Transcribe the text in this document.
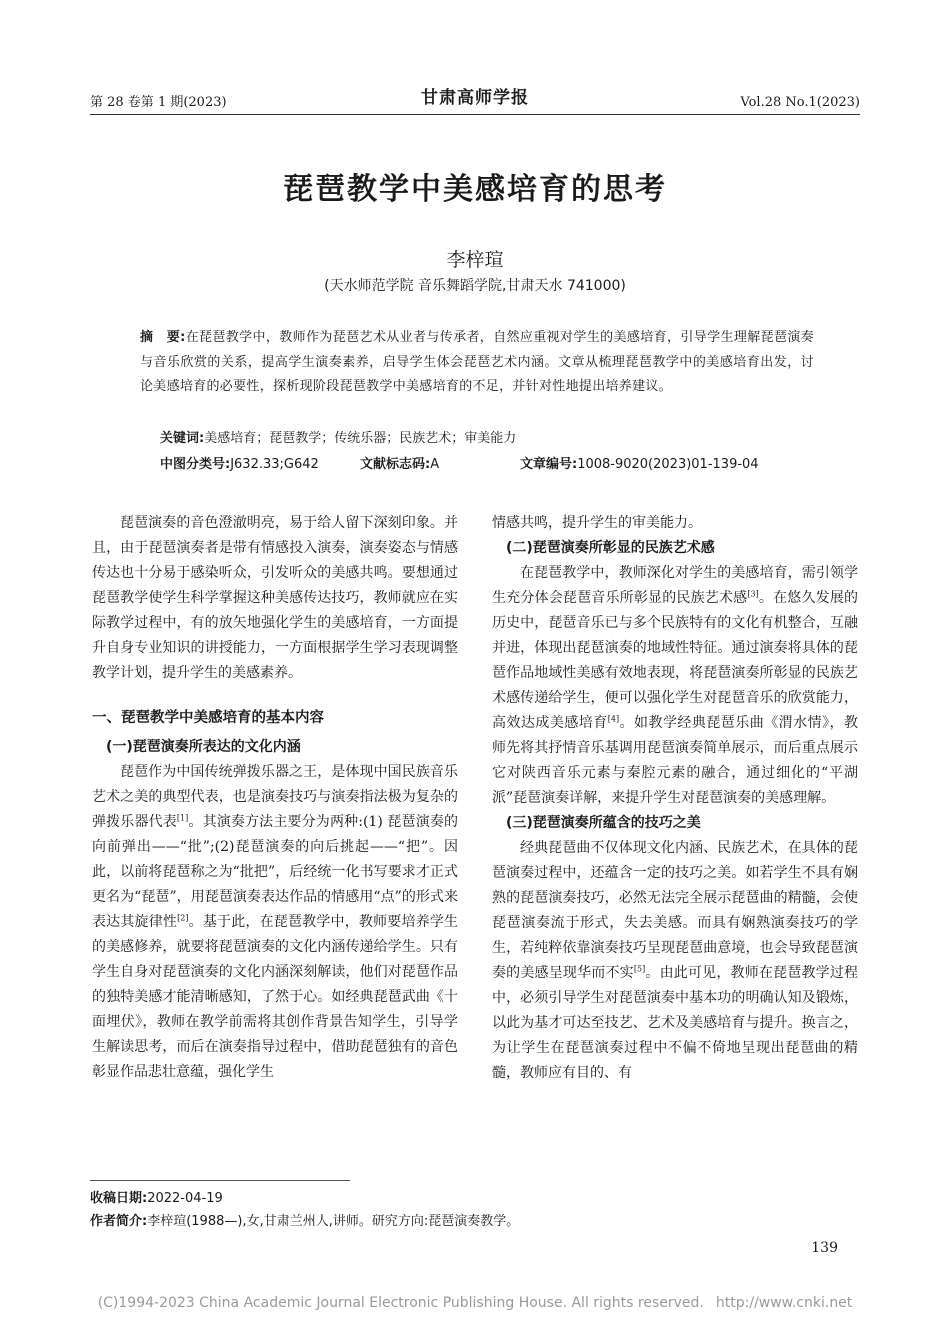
第 28 卷第 1 期(2023)	甘肃高师学报	Vol.28 No.1(2023)
琵琶教学中美感培育的思考
李梓瑄
(天水师范学院 音乐舞蹈学院,甘肃天水 741000)
摘　要:在琵琶教学中，教师作为琵琶艺术从业者与传承者，自然应重视对学生的美感培育，引导学生理解琵琶演奏与音乐欣赏的关系，提高学生演奏素养，启导学生体会琵琶艺术内涵。文章从梳理琵琶教学中的美感培育出发，讨论美感培育的必要性，探析现阶段琵琶教学中美感培育的不足，并针对性地提出培养建议。
关键词:美感培育；琵琶教学；传统乐器；民族艺术；审美能力
中图分类号:J632.33;G642	文献标志码:A	文章编号:1008-9020(2023)01-139-04

琵琶演奏的音色澄澈明亮，易于给人留下深刻印象。并且，由于琵琶演奏者是带有情感投入演奏，演奏姿态与情感传达也十分易于感染听众，引发听众的美感共鸣。要想通过琵琶教学使学生科学掌握这种美感传达技巧，教师就应在实际教学过程中，有的放矢地强化学生的美感培育，一方面提升自身专业知识的讲授能力，一方面根据学生学习表现调整教学计划，提升学生的美感素养。

一、琵琶教学中美感培育的基本内容
(一)琵琶演奏所表达的文化内涵

琵琶作为中国传统弹拨乐器之王，是体现中国民族音乐艺术之美的典型代表，也是演奏技巧与演奏指法极为复杂的弹拨乐器代表[1]。其演奏方法主要分为两种:(1) 琵琶演奏的向前弹出——“批”;(2)琵琶演奏的向后挑起——“把”。因此，以前将琵琶称之为“批把”，后经统一化书写要求才正式更名为“琵琶”，用琵琶演奏表达作品的情感用“点”的形式来表达其旋律性[2]。基于此，在琵琶教学中，教师要培养学生的美感修养，就要将琵琶演奏的文化内涵传递给学生。只有学生自身对琵琶演奏的文化内涵深刻解读，他们对琵琶作品的独特美感才能清晰感知，了然于心。如经典琵琶武曲《十面埋伏》，教师在教学前需将其创作背景告知学生，引导学生解读思考，而后在演奏指导过程中，借助琵琶独有的音色彰显作品悲壮意蕴，强化学生

情感共鸣，提升学生的审美能力。

(二)琵琶演奏所彰显的民族艺术感

在琵琶教学中，教师深化对学生的美感培育，需引领学生充分体会琵琶音乐所彰显的民族艺术感[3]。在悠久发展的历史中，琵琶音乐已与多个民族特有的文化有机整合，互融并进，体现出琵琶演奏的地域性特征。通过演奏将具体的琵琶作品地域性美感有效地表现，将琵琶演奏所彰显的民族艺术感传递给学生，便可以强化学生对琵琶音乐的欣赏能力，高效达成美感培育[4]。如教学经典琵琶乐曲《渭水情》，教师先将其抒情音乐基调用琵琶演奏简单展示，而后重点展示它对陕西音乐元素与秦腔元素的融合，通过细化的“平湖派”琵琶演奏详解，来提升学生对琵琶演奏的美感理解。

(三)琵琶演奏所蕴含的技巧之美

经典琵琶曲不仅体现文化内涵、民族艺术，在具体的琵琶演奏过程中，还蕴含一定的技巧之美。如若学生不具有娴熟的琵琶演奏技巧，必然无法完全展示琵琶曲的精髓，会使琵琶演奏流于形式，失去美感。而具有娴熟演奏技巧的学生，若纯粹依靠演奏技巧呈现琵琶曲意境，也会导致琵琶演奏的美感呈现华而不实[5]。由此可见，教师在琵琶教学过程中，必须引导学生对琵琶演奏中基本功的明确认知及锻炼，以此为基才可达至技艺、艺术及美感培育与提升。换言之，为让学生在琵琶演奏过程中不偏不倚地呈现出琵琶曲的精髓，教师应有目的、有

收稿日期:2022-04-19
作者简介:李梓瑄(1988—),女,甘肃兰州人,讲师。研究方向:琵琶演奏教学。
139
(C)1994-2023 China Academic Journal Electronic Publishing House. All rights reserved. http://www.cnki.net
